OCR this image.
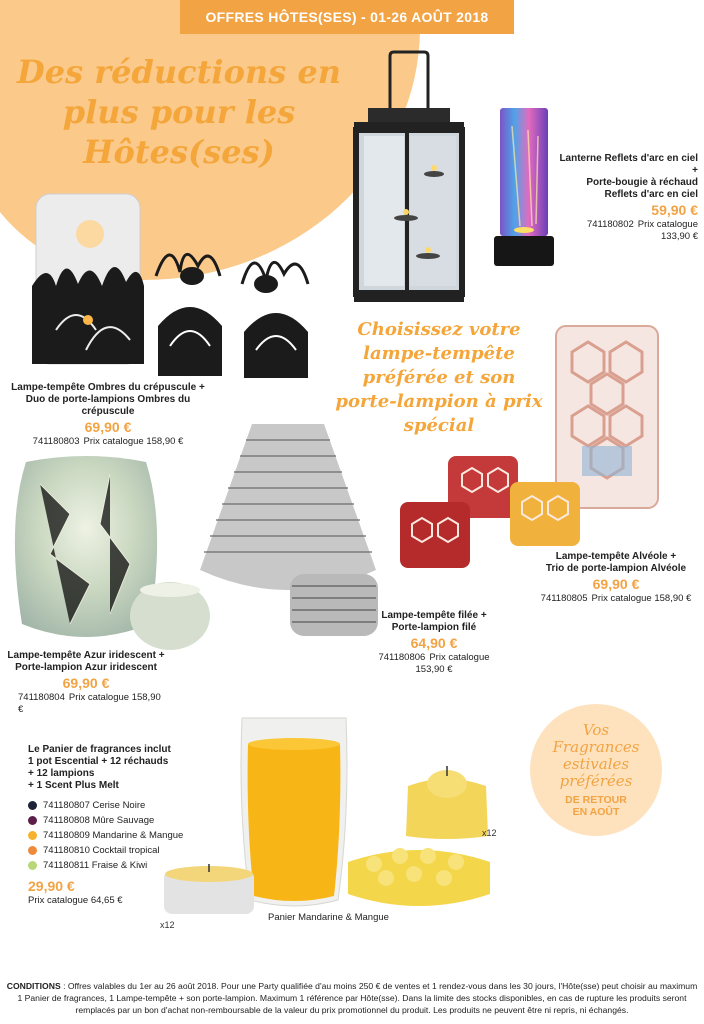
OFFRES HÔTES(SES) - 01-26 AOÛT 2018
Des réductions en plus pour les Hôtes(ses)	Lanterne Reflets d'arc en ciel +
Porte-bougie à réchaud
Reflets d'arc en ciel
59,90 €
741180802 Prix catalogue 133,90 €
Lampe-tempête Ombres du crépuscule +
Duo de porte-lampions Ombres du crépuscule
69,90 €
741180803 Prix catalogue 158,90 €
Choisissez votre lampe-tempête préférée et son porte-lampion à prix spécial
Lampe-tempête Alvéole +
Trio de porte-lampion Alvéole
69,90 €
741180805 Prix catalogue 158,90 €
Lampe-tempête filée +
Porte-lampion filé
64,90 €
741180806 Prix catalogue 153,90 €
Lampe-tempête Azur iridescent +
Porte-lampion Azur iridescent
69,90 €
741180804 Prix catalogue 158,90 €
Le Panier de fragrances inclut
1 pot Escential + 12 réchauds
+ 12 lampions
+ 1 Scent Plus Melt
741180807 Cerise Noire
741180808 Mûre Sauvage
741180809 Mandarine & Mangue
741180810 Cocktail tropical
741180811 Fraise & Kiwi
29,90 €
Prix catalogue 64,65 €
x12
x12
Panier Mandarine & Mangue
Vos
Fragrances
estivales
préférées
DE RETOUR
EN AOÛT
CONDITIONS : Offres valables du 1er au 26 août 2018. Pour une Party qualifiée d'au moins 250 € de ventes et 1 rendez-vous dans les 30 jours, l'Hôte(sse) peut choisir au maximum 1 Panier de fragrances, 1 Lampe-tempête + son porte-lampion. Maximum 1 référence par Hôte(sse). Dans la limite des stocks disponibles, en cas de rupture les produits seront remplacés par un bon d'achat non-remboursable de la valeur du prix promotionnel du produit. Les produits ne peuvent être ni repris, ni échangés.
